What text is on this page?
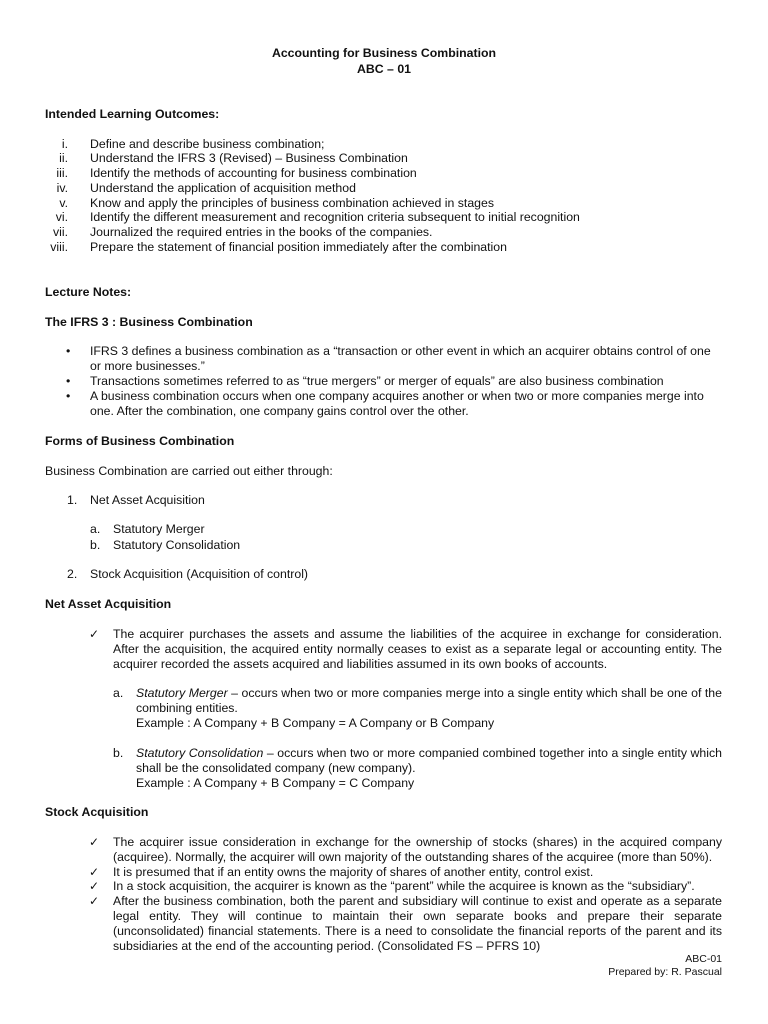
Accounting for Business Combination
ABC – 01
Intended Learning Outcomes:
i. Define and describe business combination;
ii. Understand the IFRS 3 (Revised) – Business Combination
iii. Identify the methods of accounting for business combination
iv. Understand the application of acquisition method
v. Know and apply the principles of business combination achieved in stages
vi. Identify the different measurement and recognition criteria subsequent to initial recognition
vii. Journalized the required entries in the books of the companies.
viii. Prepare the statement of financial position immediately after the combination
Lecture Notes:
The IFRS 3 : Business Combination
• IFRS 3 defines a business combination as a “transaction or other event in which an acquirer obtains control of one or more businesses.”
• Transactions sometimes referred to as “true mergers” or merger of equals” are also business combination
• A business combination occurs when one company acquires another or when two or more companies merge into one. After the combination, one company gains control over the other.
Forms of Business Combination
Business Combination are carried out either through:
1. Net Asset Acquisition
a. Statutory Merger
b. Statutory Consolidation
2. Stock Acquisition (Acquisition of control)
Net Asset Acquisition
✓ The acquirer purchases the assets and assume the liabilities of the acquiree in exchange for consideration. After the acquisition, the acquired entity normally ceases to exist as a separate legal or accounting entity. The acquirer recorded the assets acquired and liabilities assumed in its own books of accounts.
a. Statutory Merger – occurs when two or more companies merge into a single entity which shall be one of the combining entities.
Example : A Company + B Company = A Company or B Company
b. Statutory Consolidation – occurs when two or more companied combined together into a single entity which shall be the consolidated company (new company).
Example : A Company + B Company = C Company
Stock Acquisition
✓ The acquirer issue consideration in exchange for the ownership of stocks (shares) in the acquired company (acquiree). Normally, the acquirer will own majority of the outstanding shares of the acquiree (more than 50%).
✓ It is presumed that if an entity owns the majority of shares of another entity, control exist.
✓ In a stock acquisition, the acquirer is known as the “parent” while the acquiree is known as the “subsidiary”.
✓ After the business combination, both the parent and subsidiary will continue to exist and operate as a separate legal entity. They will continue to maintain their own separate books and prepare their separate (unconsolidated) financial statements. There is a need to consolidate the financial reports of the parent and its subsidiaries at the end of the accounting period. (Consolidated FS – PFRS 10)
ABC-01
Prepared by: R. Pascual
